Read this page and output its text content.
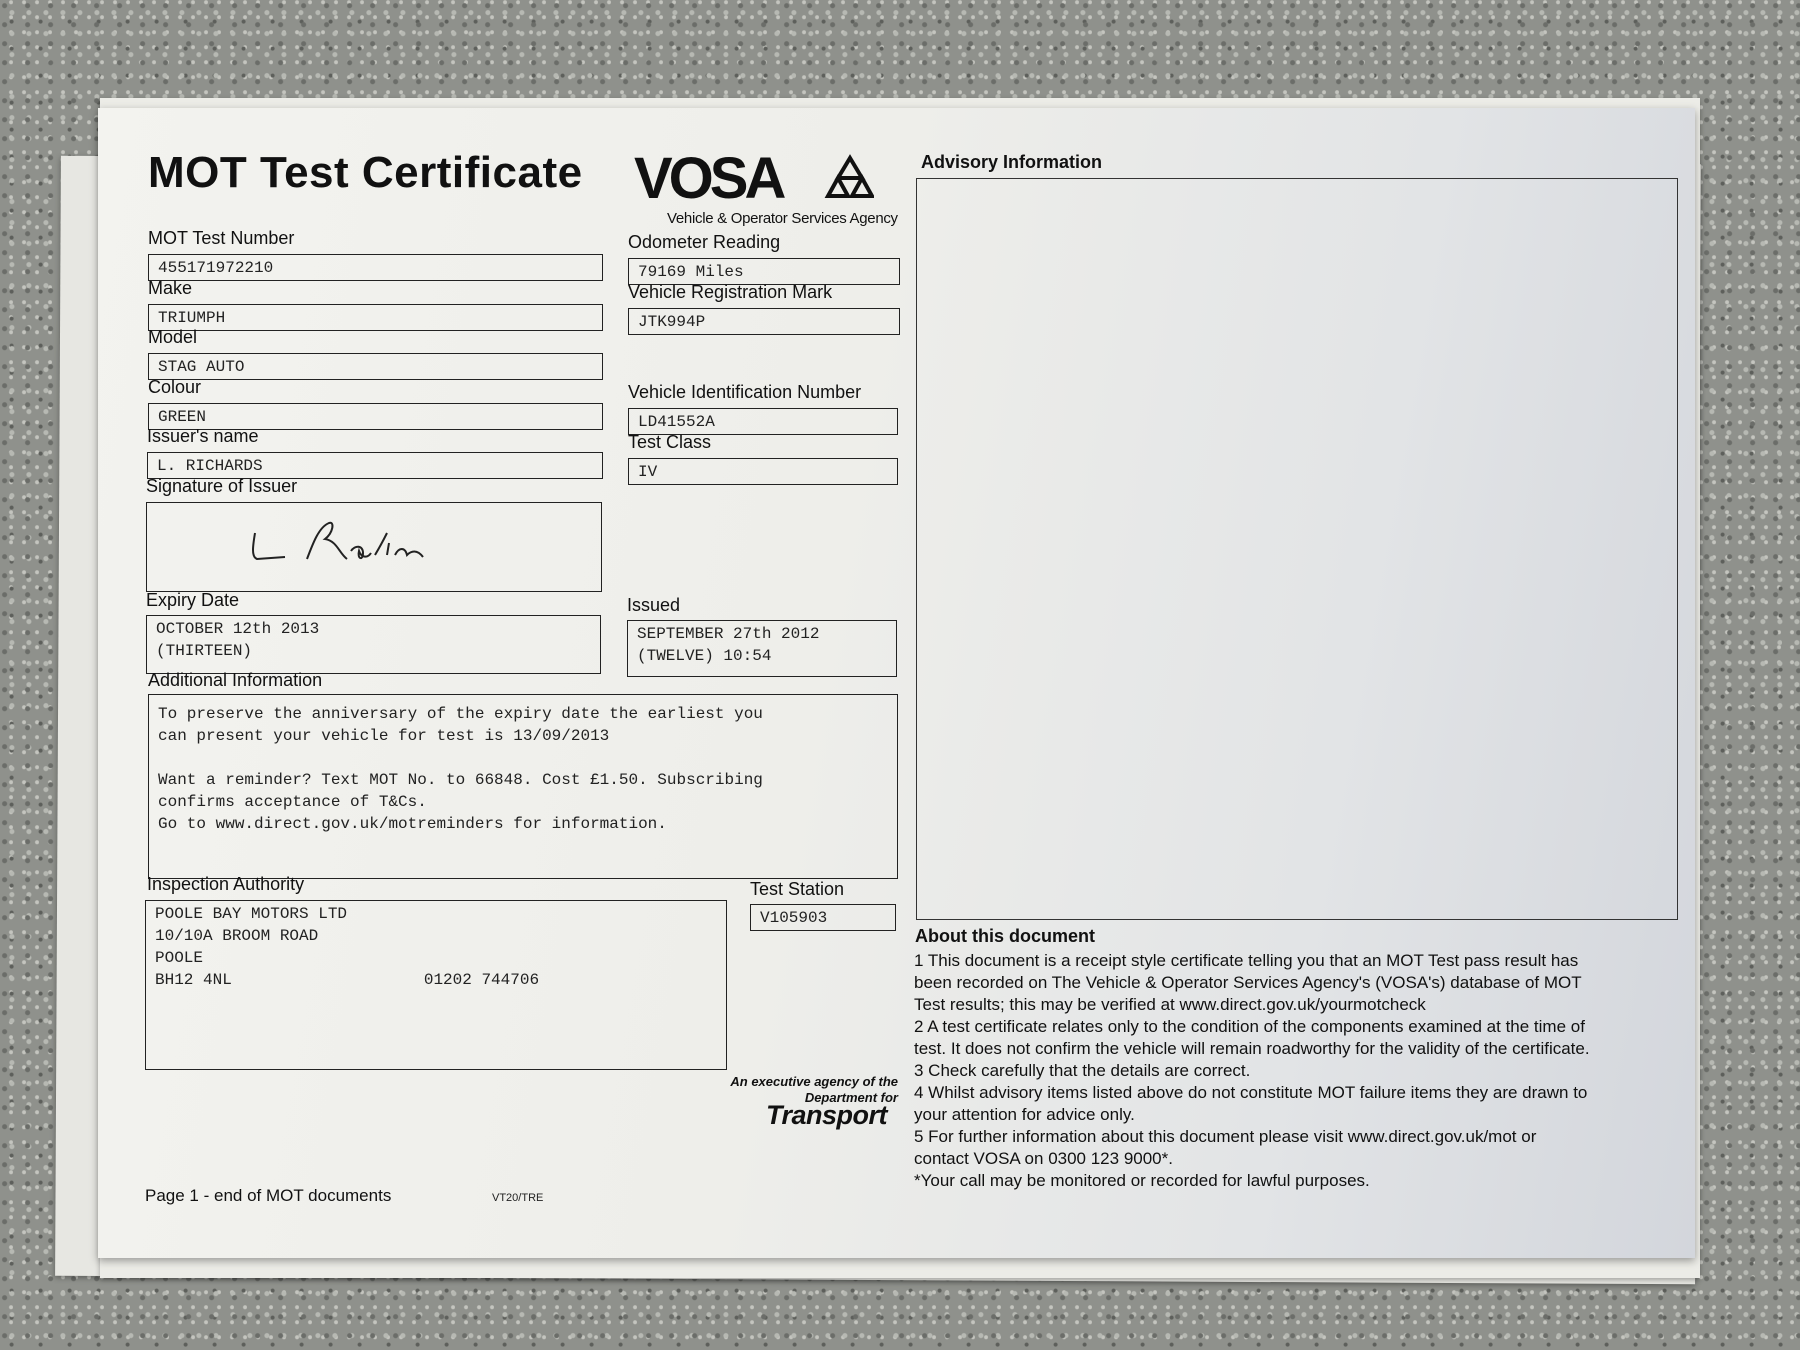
MOT Test Certificate VOSA
Vehicle & Operator Services Agency
MOT Test Number
455171972210
Make
TRIUMPH
Model
STAG AUTO
Colour
GREEN
Issuer's name
L. RICHARDS
Signature of Issuer

Expiry Date
OCTOBER 12th 2013
(THIRTEEN)
Odometer Reading
79169 Miles
Vehicle Registration Mark
JTK994P
Vehicle Identification Number
LD41552A
Test Class
IV
Issued
SEPTEMBER 27th 2012
(TWELVE) 10:54
Additional Information
To preserve the anniversary of the expiry date the earliest you
can present your vehicle for test is 13/09/2013

Want a reminder? Text MOT No. to 66848. Cost £1.50. Subscribing
confirms acceptance of T&Cs.
Go to www.direct.gov.uk/motreminders for information.
Inspection Authority
POOLE BAY MOTORS LTD
10/10A BROOM ROAD
POOLE
BH12 4NL                    01202 744706
Test Station
V105903
An executive agency of the
Department for
Transport
Advisory Information
About this document
1 This document is a receipt style certificate telling you that an MOT Test pass result has
been recorded on The Vehicle & Operator Services Agency's (VOSA's) database of MOT
Test results; this may be verified at www.direct.gov.uk/yourmotcheck
2 A test certificate relates only to the condition of the components examined at the time of
test. It does not confirm the vehicle will remain roadworthy for the validity of the certificate.
3 Check carefully that the details are correct.
4 Whilst advisory items listed above do not constitute MOT failure items they are drawn to
your attention for advice only.
5 For further information about this document please visit www.direct.gov.uk/mot or
contact VOSA on 0300 123 9000*.
*Your call may be monitored or recorded for lawful purposes.
Page 1 - end of MOT documents	VT20/TRE
